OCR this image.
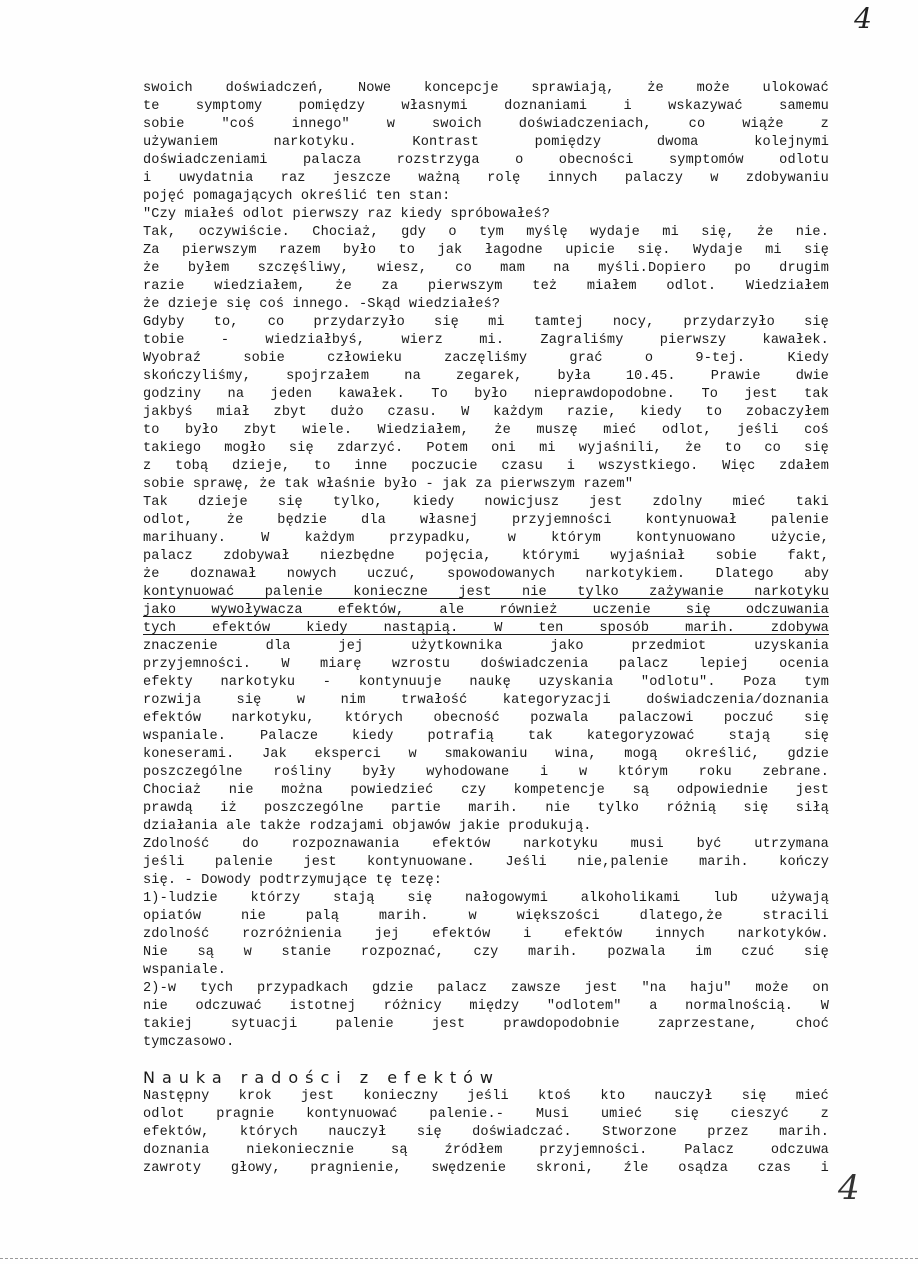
4
swoich doświadczeń, Nowe koncepcje sprawiają, że może ulokować
te symptomy pomiędzy własnymi doznaniami i wskazywać samemu
sobie "coś innego" w swoich doświadczeniach, co wiąże z
używaniem narkotyku. Kontrast pomiędzy dwoma kolejnymi
doświadczeniami palacza rozstrzyga o obecności symptomów odlotu
i uwydatnia raz jeszcze ważną rolę innych palaczy w zdobywaniu
pojęć pomagających określić ten stan:
"Czy miałeś odlot pierwszy raz kiedy spróbowałeś?
Tak, oczywiście. Chociaż, gdy o tym myślę wydaje mi się, że nie.
Za pierwszym razem było to jak łagodne upicie się. Wydaje mi się
że byłem szczęśliwy, wiesz, co mam na myśli.Dopiero po drugim
razie wiedziałem, że za pierwszym też miałem odlot. Wiedziałem
że dzieje się coś innego. -Skąd wiedziałeś?
Gdyby to, co przydarzyło się mi tamtej nocy, przydarzyło się
tobie - wiedziałbyś, wierz mi. Zagraliśmy pierwszy kawałek.
Wyobraź sobie człowieku zaczęliśmy grać o 9-tej. Kiedy
skończyliśmy, spojrzałem na zegarek, była 10.45. Prawie dwie
godziny na jeden kawałek. To było nieprawdopodobne. To jest tak
jakbyś miał zbyt dużo czasu. W każdym razie, kiedy to zobaczyłem
to było zbyt wiele. Wiedziałem, że muszę mieć odlot, jeśli coś
takiego mogło się zdarzyć. Potem oni mi wyjaśnili, że to co się
z tobą dzieje, to inne poczucie czasu i wszystkiego. Więc zdałem
sobie sprawę, że tak właśnie było - jak za pierwszym razem"
Tak dzieje się tylko, kiedy nowicjusz jest zdolny mieć taki
odlot, że będzie dla własnej przyjemności kontynuował palenie
marihuany. W każdym przypadku, w którym kontynuowano użycie,
palacz zdobywał niezbędne pojęcia, którymi wyjaśniał sobie fakt,
że doznawał nowych uczuć, spowodowanych narkotykiem. Dlatego aby
kontynuować palenie konieczne jest nie tylko zażywanie narkotyku
jako wywoływacza efektów, ale również uczenie się odczuwania
tych efektów kiedy nastąpią. W ten sposób marih. zdobywa
znaczenie dla jej użytkownika jako przedmiot uzyskania
przyjemności. W miarę wzrostu doświadczenia palacz lepiej ocenia
efekty narkotyku - kontynuuje naukę uzyskania "odlotu". Poza tym
rozwija się w nim trwałość kategoryzacji doświadczenia/doznania
efektów narkotyku, których obecność pozwala palaczowi poczuć się
wspaniale. Palacze kiedy potrafią tak kategoryzować stają się
koneserami. Jak eksperci w smakowaniu wina, mogą określić, gdzie
poszczególne rośliny były wyhodowane i w którym roku zebrane.
Chociaż nie można powiedzieć czy kompetencje są odpowiednie jest
prawdą iż poszczególne partie marih. nie tylko różnią się siłą
działania ale także rodzajami objawów jakie produkują.
Zdolność do rozpoznawania efektów narkotyku musi być utrzymana
jeśli palenie jest kontynuowane. Jeśli nie,palenie marih. kończy
się. - Dowody podtrzymujące tę tezę:
1)-ludzie którzy stają się nałogowymi alkoholikami lub używają
opiatów nie palą marih. w większości dlatego,że stracili
zdolność rozróżnienia jej efektów i efektów innych narkotyków.
Nie są w stanie rozpoznać, czy marih. pozwala im czuć się
wspaniale.
2)-w tych przypadkach gdzie palacz zawsze jest "na haju" może on
nie odczuwać istotnej różnicy między "odlotem" a normalnością. W
takiej sytuacji palenie jest prawdopodobnie zaprzestane, choć
tymczasowo.
Nauka radości z efektów
Następny krok jest konieczny jeśli ktoś kto nauczył się mieć
odlot pragnie kontynuować palenie.- Musi umieć się cieszyć z
efektów, których nauczył się doświadczać. Stworzone przez marih.
doznania niekoniecznie są źródłem przyjemności. Palacz odczuwa
zawroty głowy, pragnienie, swędzenie skroni, źle osądza czas i 4
